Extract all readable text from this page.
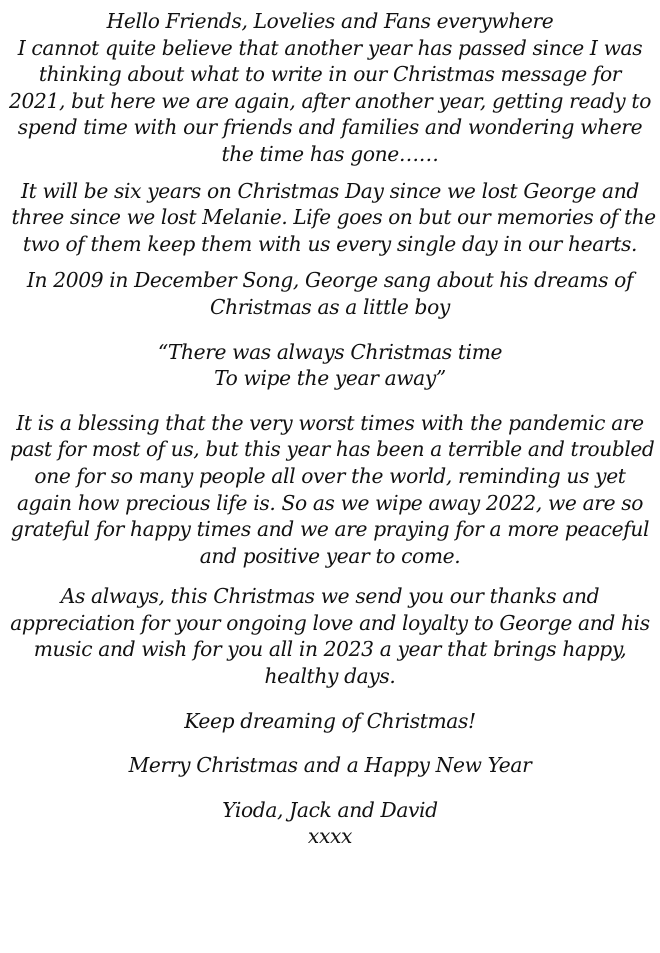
Hello Friends, Lovelies and Fans everywhere

I cannot quite believe that another year has passed since I was
thinking about what to write in our Christmas message for
2021, but here we are again, after another year, getting ready to
spend time with our friends and families and wondering where
the time has gone……

It will be six years on Christmas Day since we lost George and
three since we lost Melanie. Life goes on but our memories of the
two of them keep them with us every single day in our hearts.

In 2009 in December Song, George sang about his dreams of
Christmas as a little boy

“There was always Christmas time
To wipe the year away”

It is a blessing that the very worst times with the pandemic are
past for most of us, but this year has been a terrible and troubled
one for so many people all over the world, reminding us yet
again how precious life is. So as we wipe away 2022, we are so
grateful for happy times and we are praying for a more peaceful
and positive year to come.

As always, this Christmas we send you our thanks and
appreciation for your ongoing love and loyalty to George and his
music and wish for you all in 2023 a year that brings happy,
healthy days.

Keep dreaming of Christmas!

Merry Christmas and a Happy New Year

Yioda, Jack and David
xxxx
